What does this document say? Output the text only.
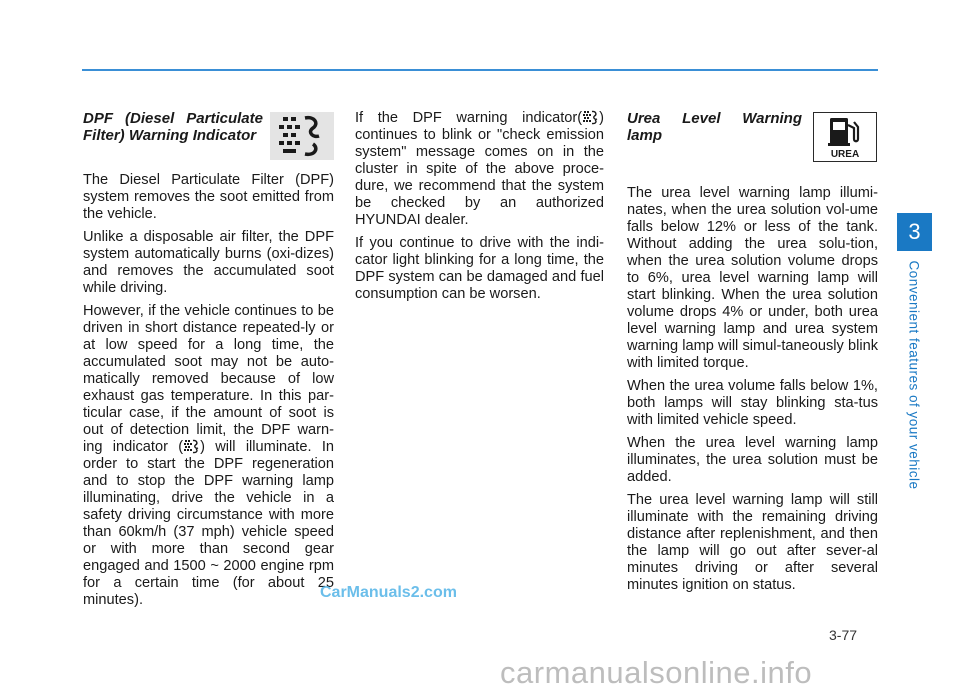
DPF (Diesel Particulate Filter) Warning Indicator

The Diesel Particulate Filter (DPF) system removes the soot emitted from the vehicle.

Unlike a disposable air filter, the DPF system automatically burns (oxi-dizes) and removes the accumulated soot while driving.

However, if the vehicle continues to be driven in short distance repeated-ly or at low speed for a long time, the accumulated soot may not be auto-matically removed because of low exhaust gas temperature. In this par-ticular case, if the amount of soot is out of detection limit, the DPF warn-ing indicator ( ) will illuminate. In order to start the DPF regeneration and to stop the DPF warning lamp illuminating, drive the vehicle in a safety driving circumstance with more than 60km/h (37 mph) vehicle speed or with more than second gear engaged and 1500 ~ 2000 engine rpm for a certain time (for about 25 minutes).

If the DPF warning indicator( ) continues to blink or "check emission system" message comes on in the cluster in spite of the above proce-dure, we recommend that the system be checked by an authorized HYUNDAI dealer.

If you continue to drive with the indi-cator light blinking for a long time, the DPF system can be damaged and fuel consumption can be worsen.

Urea Level Warning lamp
UREA

The urea level warning lamp illumi-nates, when the urea solution vol-ume falls below 12% or less of the tank. Without adding the urea solu-tion, when the urea solution volume drops to 6%, urea level warning lamp will start blinking. When the urea solution volume drops 4% or under, both urea level warning lamp and urea system warning lamp will simul-taneously blink with limited torque.

When the urea volume falls below 1%, both lamps will stay blinking sta-tus with limited vehicle speed.

When the urea level warning lamp illuminates, the urea solution must be added.

The urea level warning lamp will still illuminate with the remaining driving distance after replenishment, and then the lamp will go out after sever-al minutes driving or after several minutes ignition on status.

3
Convenient features of your vehicle
3-77
CarManuals2.com
carmanualsonline.info
